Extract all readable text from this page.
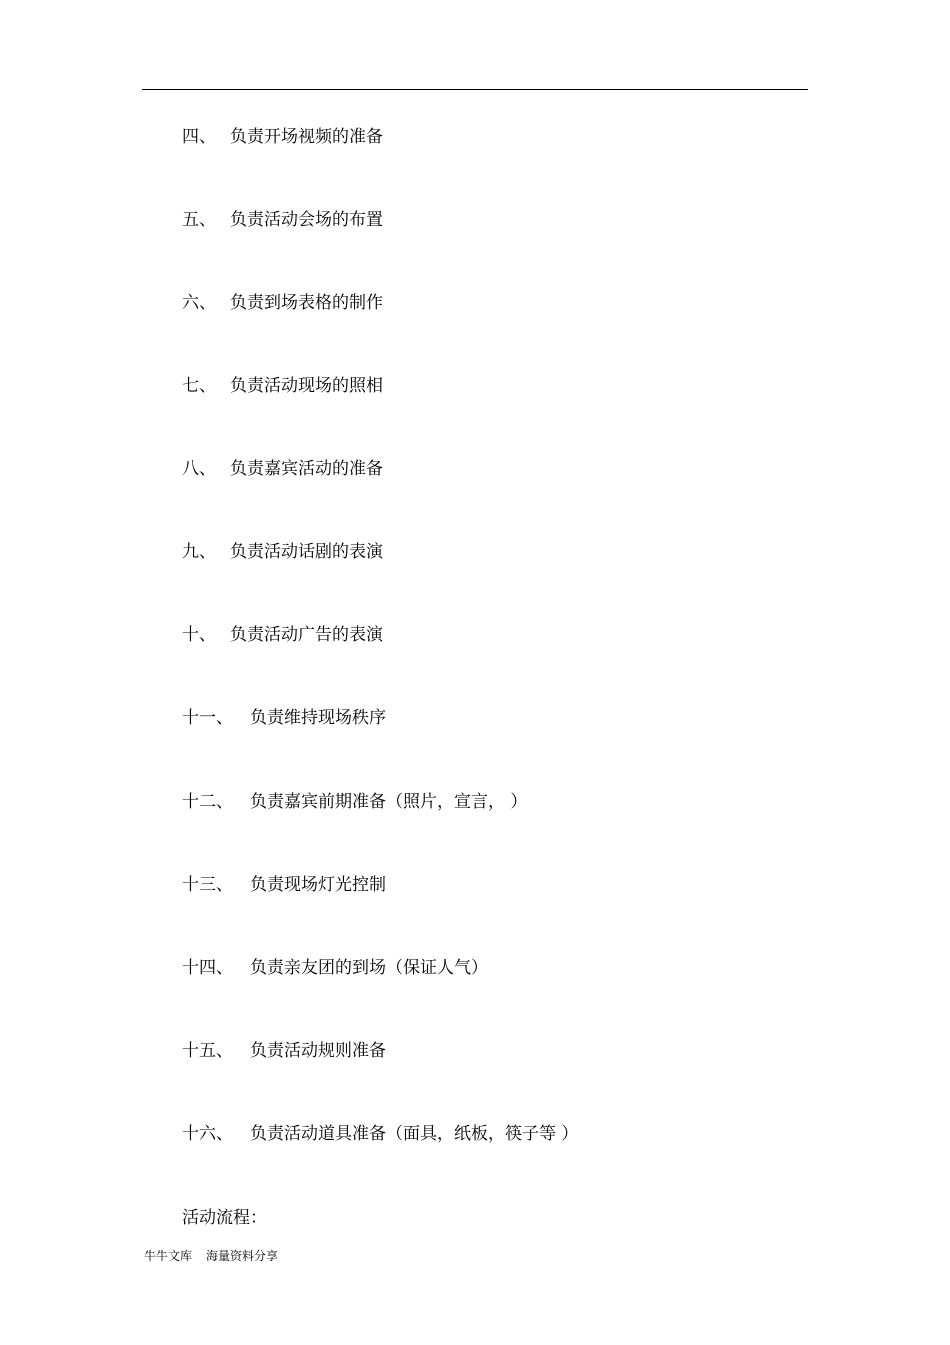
四、 负责开场视频的准备
五、 负责活动会场的布置
六、 负责到场表格的制作
七、 负责活动现场的照相
八、 负责嘉宾活动的准备
九、 负责活动话剧的表演
十、 负责活动广告的表演
十一、 负责维持现场秩序
十二、 负责嘉宾前期准备（照片，宣言， ）
十三、 负责现场灯光控制
十四、 负责亲友团的到场（保证人气）
十五、 负责活动规则准备
十六、 负责活动道具准备（面具，纸板，筷子等 ）
活动流程：
牛牛文库 海量资料分享
